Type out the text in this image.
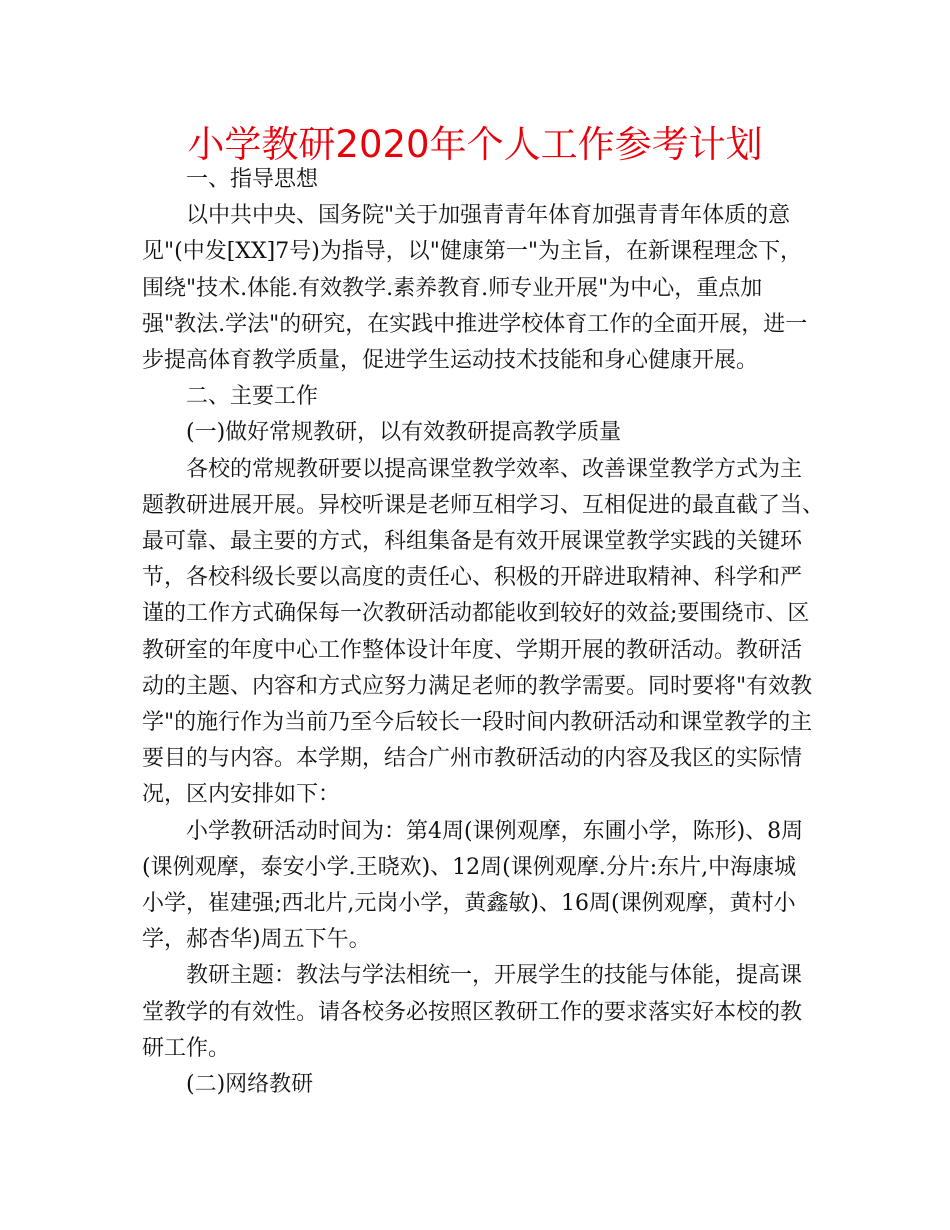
小学教研2020年个人工作参考计划
一、指导思想
以中共中央、国务院"关于加强青青年体育加强青青年体质的意
见"(中发[XX]7号)为指导，以"健康第一"为主旨，在新课程理念下，
围绕"技术.体能.有效教学.素养教育.师专业开展"为中心，重点加
强"教法.学法"的研究，在实践中推进学校体育工作的全面开展，进一
步提高体育教学质量，促进学生运动技术技能和身心健康开展。
二、主要工作
(一)做好常规教研，以有效教研提高教学质量
各校的常规教研要以提高课堂教学效率、改善课堂教学方式为主
题教研进展开展。异校听课是老师互相学习、互相促进的最直截了当、
最可靠、最主要的方式，科组集备是有效开展课堂教学实践的关键环
节，各校科级长要以高度的责任心、积极的开辟进取精神、科学和严
谨的工作方式确保每一次教研活动都能收到较好的效益;要围绕市、区
教研室的年度中心工作整体设计年度、学期开展的教研活动。教研活
动的主题、内容和方式应努力满足老师的教学需要。同时要将"有效教
学"的施行作为当前乃至今后较长一段时间内教研活动和课堂教学的主
要目的与内容。本学期，结合广州市教研活动的内容及我区的实际情
况，区内安排如下：
小学教研活动时间为：第4周(课例观摩，东圃小学，陈形)、8周
(课例观摩，泰安小学.王晓欢)、12周(课例观摩.分片:东片,中海康城
小学，崔建强;西北片,元岗小学，黄鑫敏)、16周(课例观摩，黄村小
学，郝杏华)周五下午。
教研主题：教法与学法相统一，开展学生的技能与体能，提高课
堂教学的有效性。请各校务必按照区教研工作的要求落实好本校的教
研工作。
(二)网络教研
